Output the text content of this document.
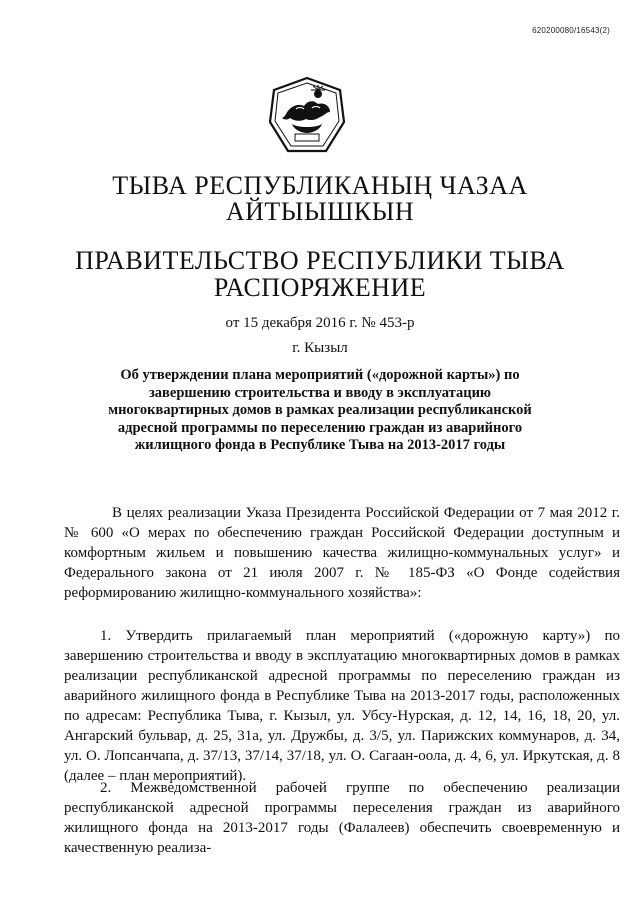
620200080/16543(2)
ТЫВА РЕСПУБЛИКАНЫҢ ЧАЗАА
АЙТЫЫШКЫН
ПРАВИТЕЛЬСТВО РЕСПУБЛИКИ ТЫВА
РАСПОРЯЖЕНИЕ
от 15 декабря 2016 г. № 453-р
г. Кызыл
Об утверждении плана мероприятий («дорожной карты») по завершению строительства и вводу в эксплуатацию многоквартирных домов в рамках реализации республиканской адресной программы по переселению граждан из аварийного жилищного фонда в Республике Тыва на 2013-2017 годы
В целях реализации Указа Президента Российской Федерации от 7 мая 2012 г. № 600 «О мерах по обеспечению граждан Российской Федерации доступным и комфортным жильем и повышению качества жилищно-коммунальных услуг» и Федерального закона от 21 июля 2007 г. № 185-ФЗ «О Фонде содействия реформированию жилищно-коммунального хозяйства»:
1. Утвердить прилагаемый план мероприятий («дорожную карту») по завершению строительства и вводу в эксплуатацию многоквартирных домов в рамках реализации республиканской адресной программы по переселению граждан из аварийного жилищного фонда в Республике Тыва на 2013-2017 годы, расположенных по адресам: Республика Тыва, г. Кызыл, ул. Убсу-Нурская, д. 12, 14, 16, 18, 20, ул. Ангарский бульвар, д. 25, 31а, ул. Дружбы, д. 3/5, ул. Парижских коммунаров, д. 34, ул. О. Лопсанчапа, д. 37/13, 37/14, 37/18, ул. О. Сагаан-оола, д. 4, 6, ул. Иркутская, д. 8 (далее – план мероприятий).
2. Межведомственной рабочей группе по обеспечению реализации республиканской адресной программы переселения граждан из аварийного жилищного фонда на 2013-2017 годы (Фалалеев) обеспечить своевременную и качественную реализа-
